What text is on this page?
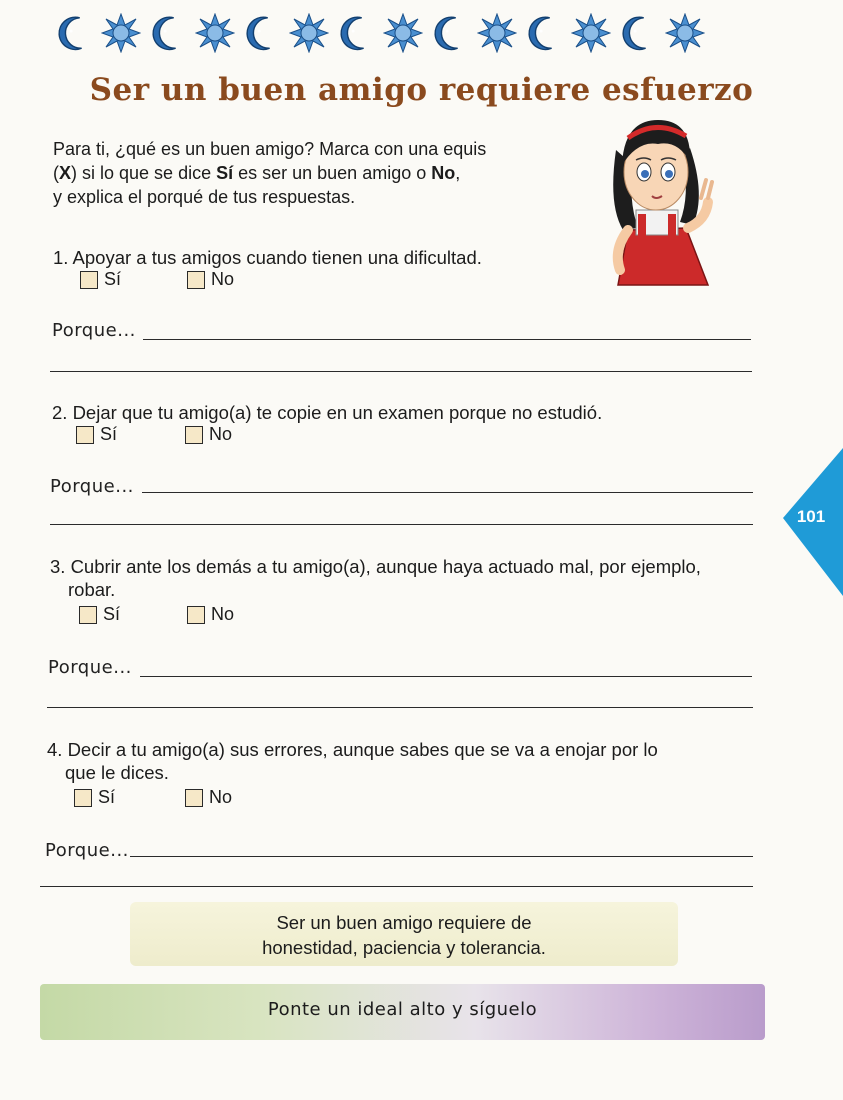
Ser un buen amigo requiere esfuerzo
Para ti, ¿qué es un buen amigo? Marca con una equis
(X) si lo que se dice Sí es ser un buen amigo o No,
y explica el porqué de tus respuestas.
1. Apoyar a tus amigos cuando tienen una dificultad.
Sí	No
Porque...
2. Dejar que tu amigo(a) te copie en un examen porque no estudió.
Sí	No
Porque...
3. Cubrir ante los demás a tu amigo(a), aunque haya actuado mal, por ejemplo,
robar.
Sí	No
Porque...
4. Decir a tu amigo(a) sus errores, aunque sabes que se va a enojar por lo
que le dices.
Sí	No
Porque...
101
Ser un buen amigo requiere de
honestidad, paciencia y tolerancia.
Ponte un ideal alto y síguelo
